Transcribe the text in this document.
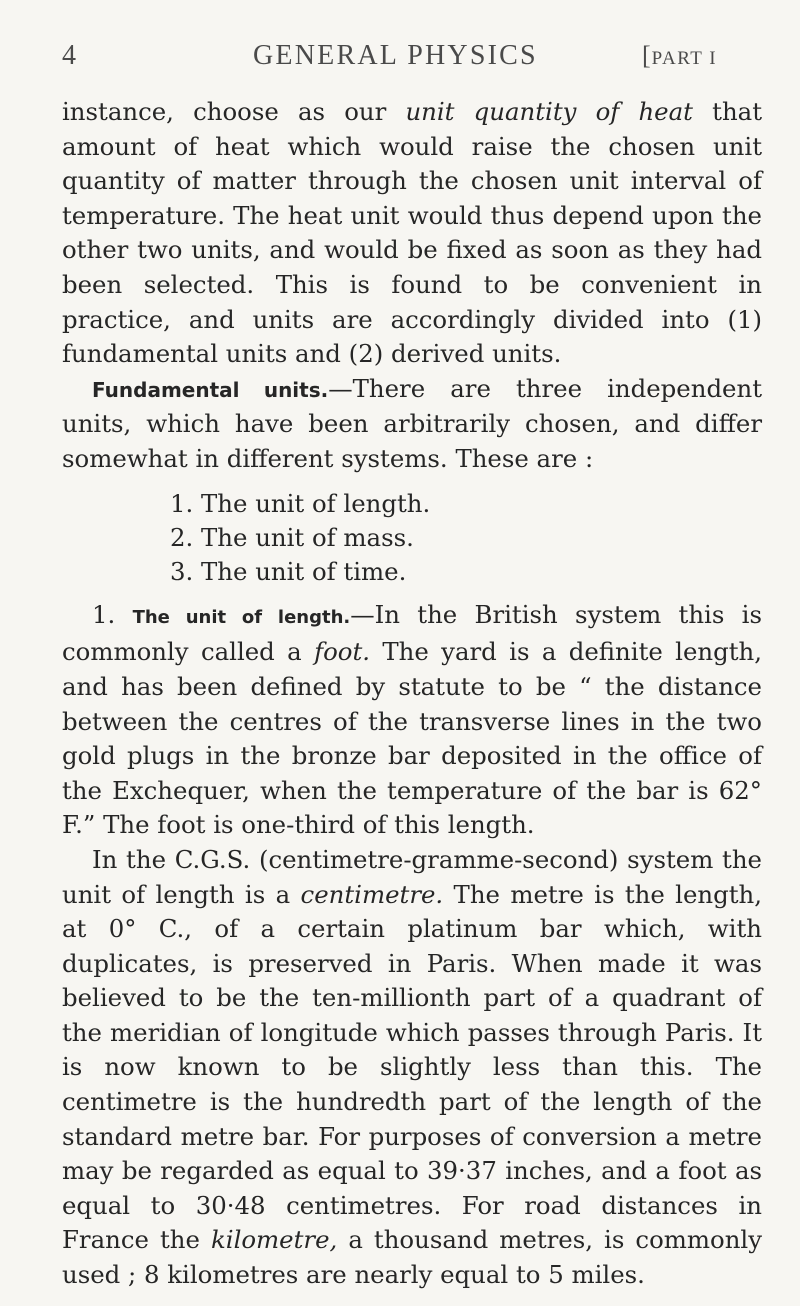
4	GENERAL PHYSICS	[PART I

instance, choose as our unit quantity of heat that amount of heat which would raise the chosen unit quantity of matter through the chosen unit interval of temperature. The heat unit would thus depend upon the other two units, and would be fixed as soon as they had been selected. This is found to be convenient in practice, and units are accordingly divided into (1) fundamental units and (2) derived units.

Fundamental units.—There are three independent units, which have been arbitrarily chosen, and differ somewhat in different systems. These are :

1. The unit of length.
2. The unit of mass.
3. The unit of time.

1. The unit of length.—In the British system this is commonly called a foot. The yard is a definite length, and has been defined by statute to be “ the distance between the centres of the transverse lines in the two gold plugs in the bronze bar deposited in the office of the Exchequer, when the temperature of the bar is 62° F.” The foot is one-third of this length.

In the C.G.S. (centimetre-gramme-second) system the unit of length is a centimetre. The metre is the length, at 0° C., of a certain platinum bar which, with duplicates, is preserved in Paris. When made it was believed to be the ten-millionth part of a quadrant of the meridian of longitude which passes through Paris. It is now known to be slightly less than this. The centimetre is the hundredth part of the length of the standard metre bar. For purposes of conversion a metre may be regarded as equal to 39·37 inches, and a foot as equal to 30·48 centimetres. For road distances in France the kilometre, a thousand metres, is commonly used ; 8 kilometres are nearly equal to 5 miles.
